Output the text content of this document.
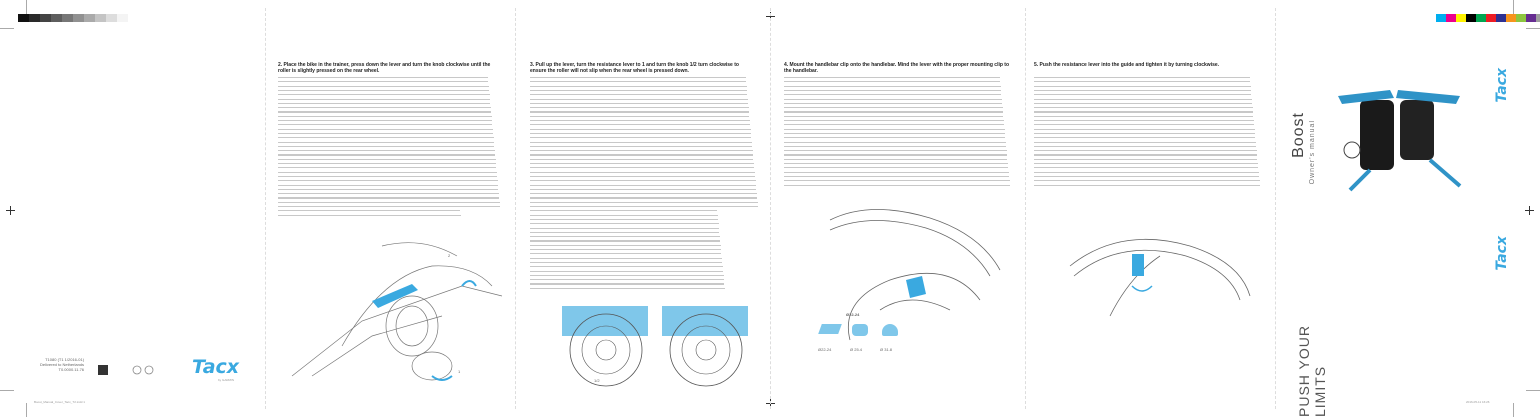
T1080 (T1 1/2016-01)
Delivered to Netherlands
T0.0000.11.76	Tacx
by GARMIN
2. Place the bike in the trainer, press down the lever and turn the knob clockwise until the roller is slightly pressed on the rear wheel.
2
1
3. Pull up the lever, turn the resistance lever to 1 and turn the knob 1/2 turn clockwise to ensure the roller will not slip when the rear wheel is pressed down.
1/2
4. Mount the handlebar clip onto the handlebar. Mind the lever with the proper mounting clip to the handlebar.
Ø22-24
Ø22-24	Ø 25.4	Ø 31.8
5. Push the resistance lever into the guide and tighten it by turning clockwise.
Boost Owner's manual
Tacx
Tacx
PUSH YOUR LIMITS
Boost_Manual_Cover_Tacx_T2.indd 1	2016-05-11 16:26
